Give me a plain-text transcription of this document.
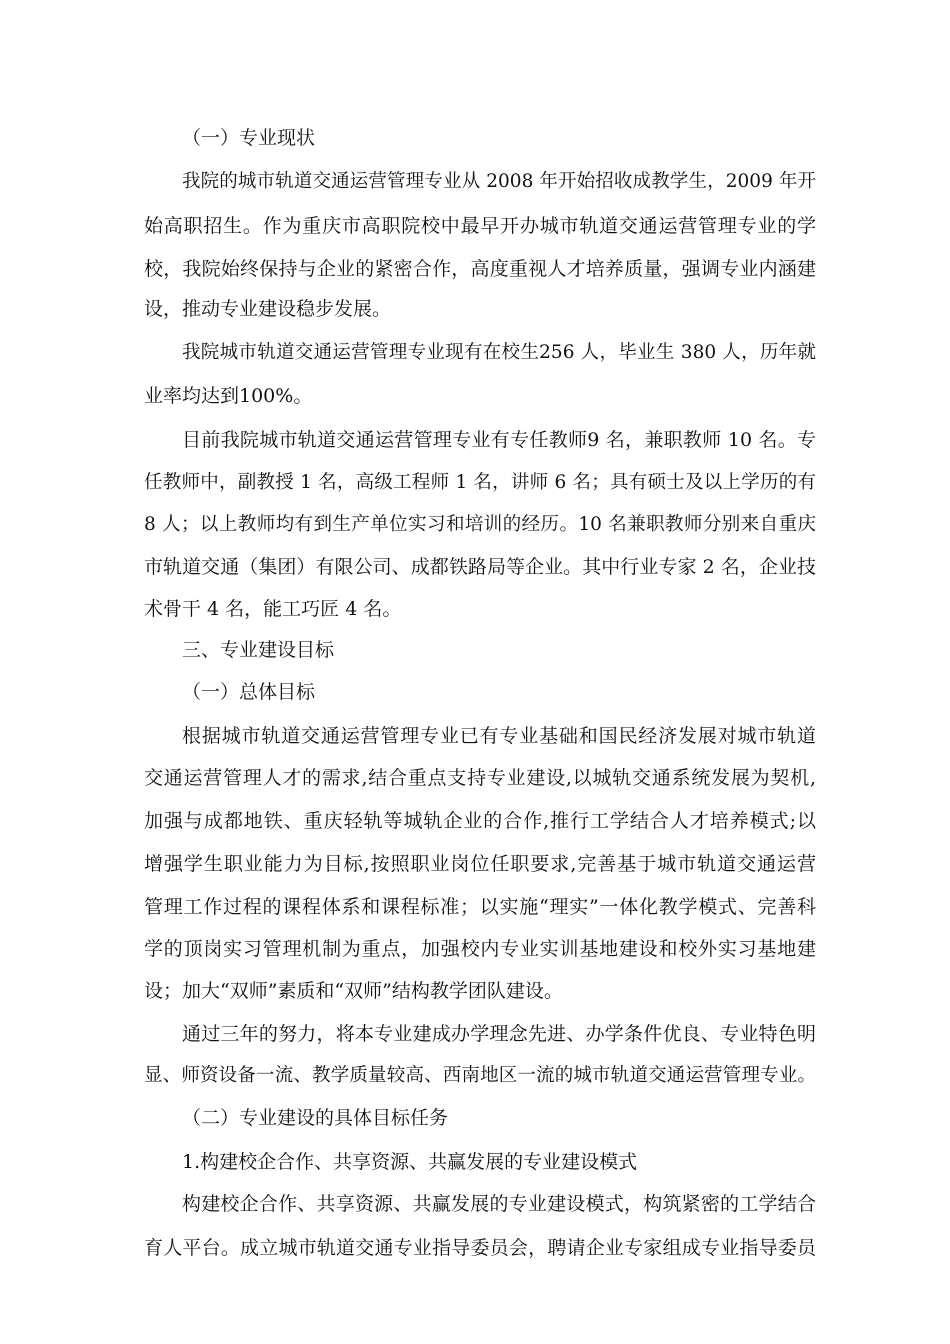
（一）专业现状
我院的城市轨道交通运营管理专业从 2008 年开始招收成教学生，2009 年开
始高职招生。作为重庆市高职院校中最早开办城市轨道交通运营管理专业的学
校，我院始终保持与企业的紧密合作，高度重视人才培养质量，强调专业内涵建
设，推动专业建设稳步发展。
我院城市轨道交通运营管理专业现有在校生256 人，毕业生 380 人，历年就
业率均达到100%。
目前我院城市轨道交通运营管理专业有专任教师9 名，兼职教师 10 名。专
任教师中，副教授 1 名，高级工程师 1 名，讲师 6 名；具有硕士及以上学历的有
8 人；以上教师均有到生产单位实习和培训的经历。10 名兼职教师分别来自重庆
市轨道交通（集团）有限公司、成都铁路局等企业。其中行业专家 2 名，企业技
术骨干 4 名，能工巧匠 4 名。
三、专业建设目标
（一）总体目标
根据城市轨道交通运营管理专业已有专业基础和国民经济发展对城市轨道
交通运营管理人才的需求,结合重点支持专业建设,以城轨交通系统发展为契机,
加强与成都地铁、重庆轻轨等城轨企业的合作,推行工学结合人才培养模式;以
增强学生职业能力为目标,按照职业岗位任职要求,完善基于城市轨道交通运营
管理工作过程的课程体系和课程标准；以实施“理实”一体化教学模式、完善科
学的顶岗实习管理机制为重点，加强校内专业实训基地建设和校外实习基地建
设；加大“双师”素质和“双师”结构教学团队建设。
通过三年的努力，将本专业建成办学理念先进、办学条件优良、专业特色明
显、师资设备一流、教学质量较高、西南地区一流的城市轨道交通运营管理专业。
（二）专业建设的具体目标任务
1.构建校企合作、共享资源、共赢发展的专业建设模式
构建校企合作、共享资源、共赢发展的专业建设模式，构筑紧密的工学结合
育人平台。成立城市轨道交通专业指导委员会，聘请企业专家组成专业指导委员
